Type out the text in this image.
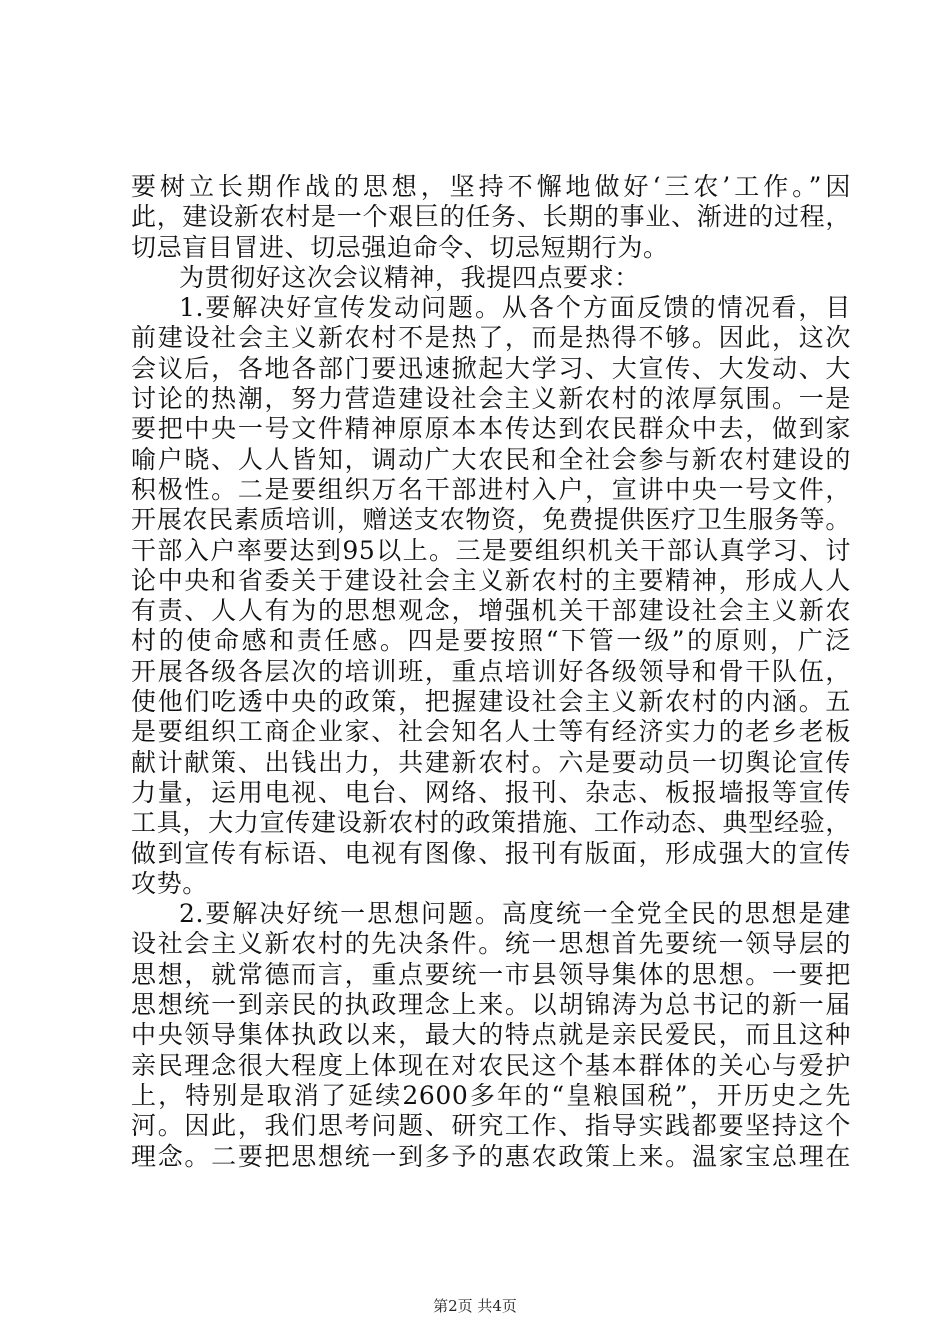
要树立长期作战的思想，坚持不懈地做好‘三农’工作。”因
此，建设新农村是一个艰巨的任务、长期的事业、渐进的过程，
切忌盲目冒进、切忌强迫命令、切忌短期行为。
为贯彻好这次会议精神，我提四点要求：
1.要解决好宣传发动问题。从各个方面反馈的情况看，目
前建设社会主义新农村不是热了，而是热得不够。因此，这次
会议后，各地各部门要迅速掀起大学习、大宣传、大发动、大
讨论的热潮，努力营造建设社会主义新农村的浓厚氛围。一是
要把中央一号文件精神原原本本传达到农民群众中去，做到家
喻户晓、人人皆知，调动广大农民和全社会参与新农村建设的
积极性。二是要组织万名干部进村入户，宣讲中央一号文件，
开展农民素质培训，赠送支农物资，免费提供医疗卫生服务等。
干部入户率要达到95以上。三是要组织机关干部认真学习、讨
论中央和省委关于建设社会主义新农村的主要精神，形成人人
有责、人人有为的思想观念，增强机关干部建设社会主义新农
村的使命感和责任感。四是要按照“下管一级”的原则，广泛
开展各级各层次的培训班，重点培训好各级领导和骨干队伍，
使他们吃透中央的政策，把握建设社会主义新农村的内涵。五
是要组织工商企业家、社会知名人士等有经济实力的老乡老板
献计献策、出钱出力，共建新农村。六是要动员一切舆论宣传
力量，运用电视、电台、网络、报刊、杂志、板报墙报等宣传
工具，大力宣传建设新农村的政策措施、工作动态、典型经验，
做到宣传有标语、电视有图像、报刊有版面，形成强大的宣传
攻势。
2.要解决好统一思想问题。高度统一全党全民的思想是建
设社会主义新农村的先决条件。统一思想首先要统一领导层的
思想，就常德而言，重点要统一市县领导集体的思想。一要把
思想统一到亲民的执政理念上来。以胡锦涛为总书记的新一届
中央领导集体执政以来，最大的特点就是亲民爱民，而且这种
亲民理念很大程度上体现在对农民这个基本群体的关心与爱护
上，特别是取消了延续2600多年的“皇粮国税”，开历史之先
河。因此，我们思考问题、研究工作、指导实践都要坚持这个
理念。二要把思想统一到多予的惠农政策上来。温家宝总理在
第2页 共4页
